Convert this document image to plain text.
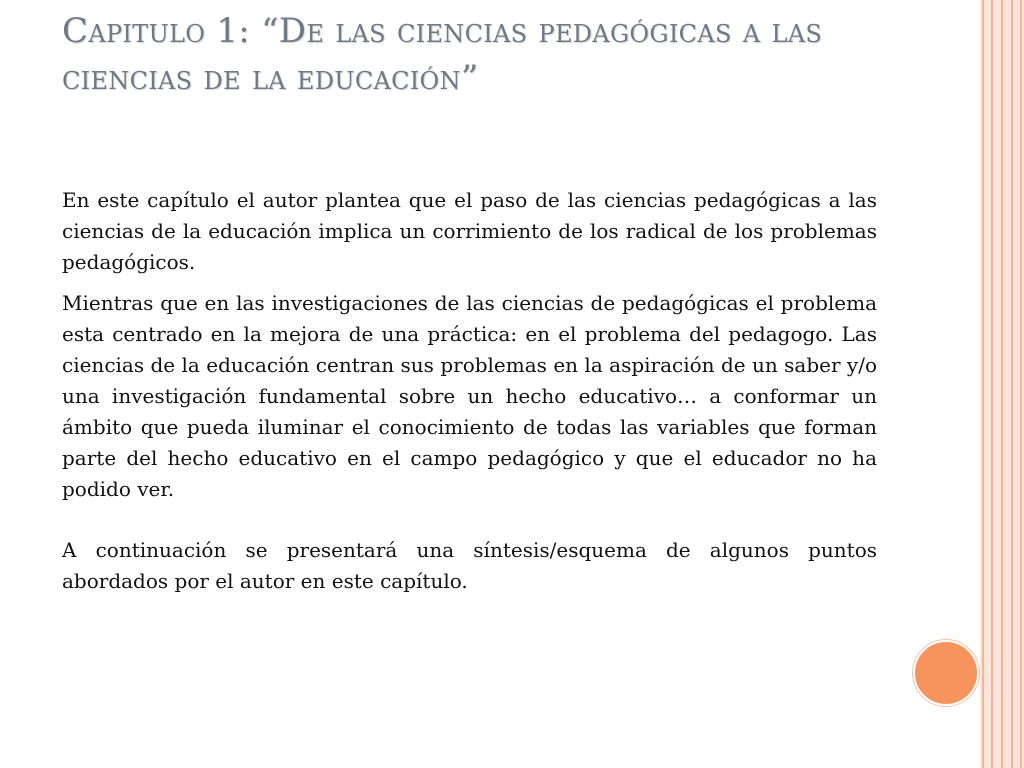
Capitulo 1: “De las ciencias pedagógicas a las ciencias de la educación”

En este capítulo el autor plantea que el paso de las ciencias pedagógicas a las ciencias de la educación implica un corrimiento de los radical de los problemas pedagógicos.

Mientras que en las investigaciones de las ciencias de pedagógicas el problema esta centrado en la mejora de una práctica: en el problema del pedagogo. Las ciencias de la educación centran sus problemas en la aspiración de un saber y/o una investigación fundamental sobre un hecho educativo… a conformar un ámbito que pueda iluminar el conocimiento de todas las variables que forman parte del hecho educativo en el campo pedagógico y que el educador no ha podido ver.

A continuación se presentará una síntesis/esquema de algunos puntos abordados por el autor en este capítulo.
